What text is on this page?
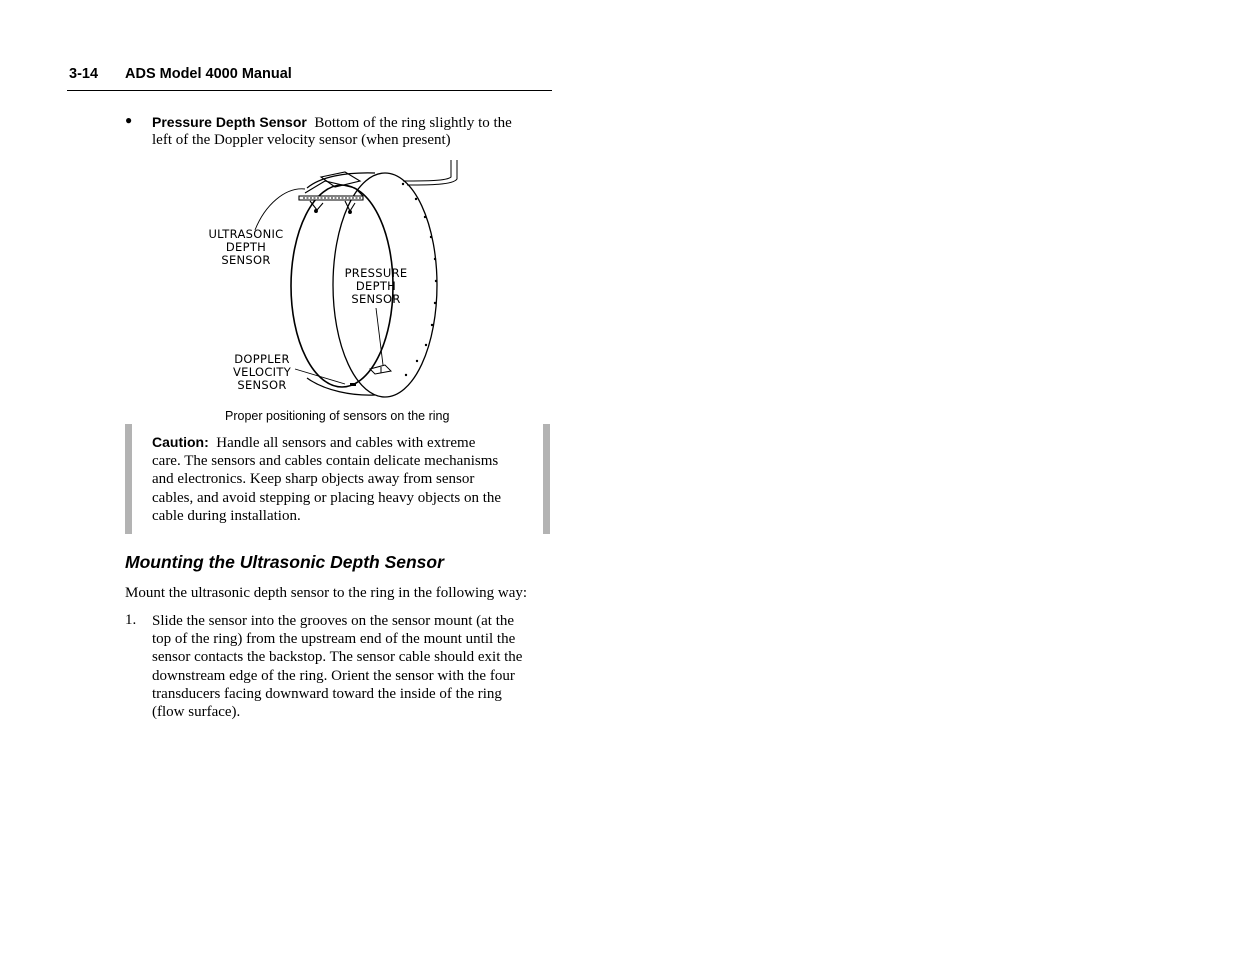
3-14 ADS Model 4000 Manual
● Pressure Depth Sensor Bottom of the ring slightly to the
left of the Doppler velocity sensor (when present)
ULTRASONIC
DEPTH
SENSOR
PRESSURE
DEPTH
SENSOR
DOPPLER
VELOCITY
SENSOR
Proper positioning of sensors on the ring
Caution: Handle all sensors and cables with extreme
care. The sensors and cables contain delicate mechanisms
and electronics. Keep sharp objects away from sensor
cables, and avoid stepping or placing heavy objects on the
cable during installation.
Mounting the Ultrasonic Depth Sensor
Mount the ultrasonic depth sensor to the ring in the following way:
1. Slide the sensor into the grooves on the sensor mount (at the
top of the ring) from the upstream end of the mount until the
sensor contacts the backstop. The sensor cable should exit the
downstream edge of the ring. Orient the sensor with the four
transducers facing downward toward the inside of the ring
(flow surface).
